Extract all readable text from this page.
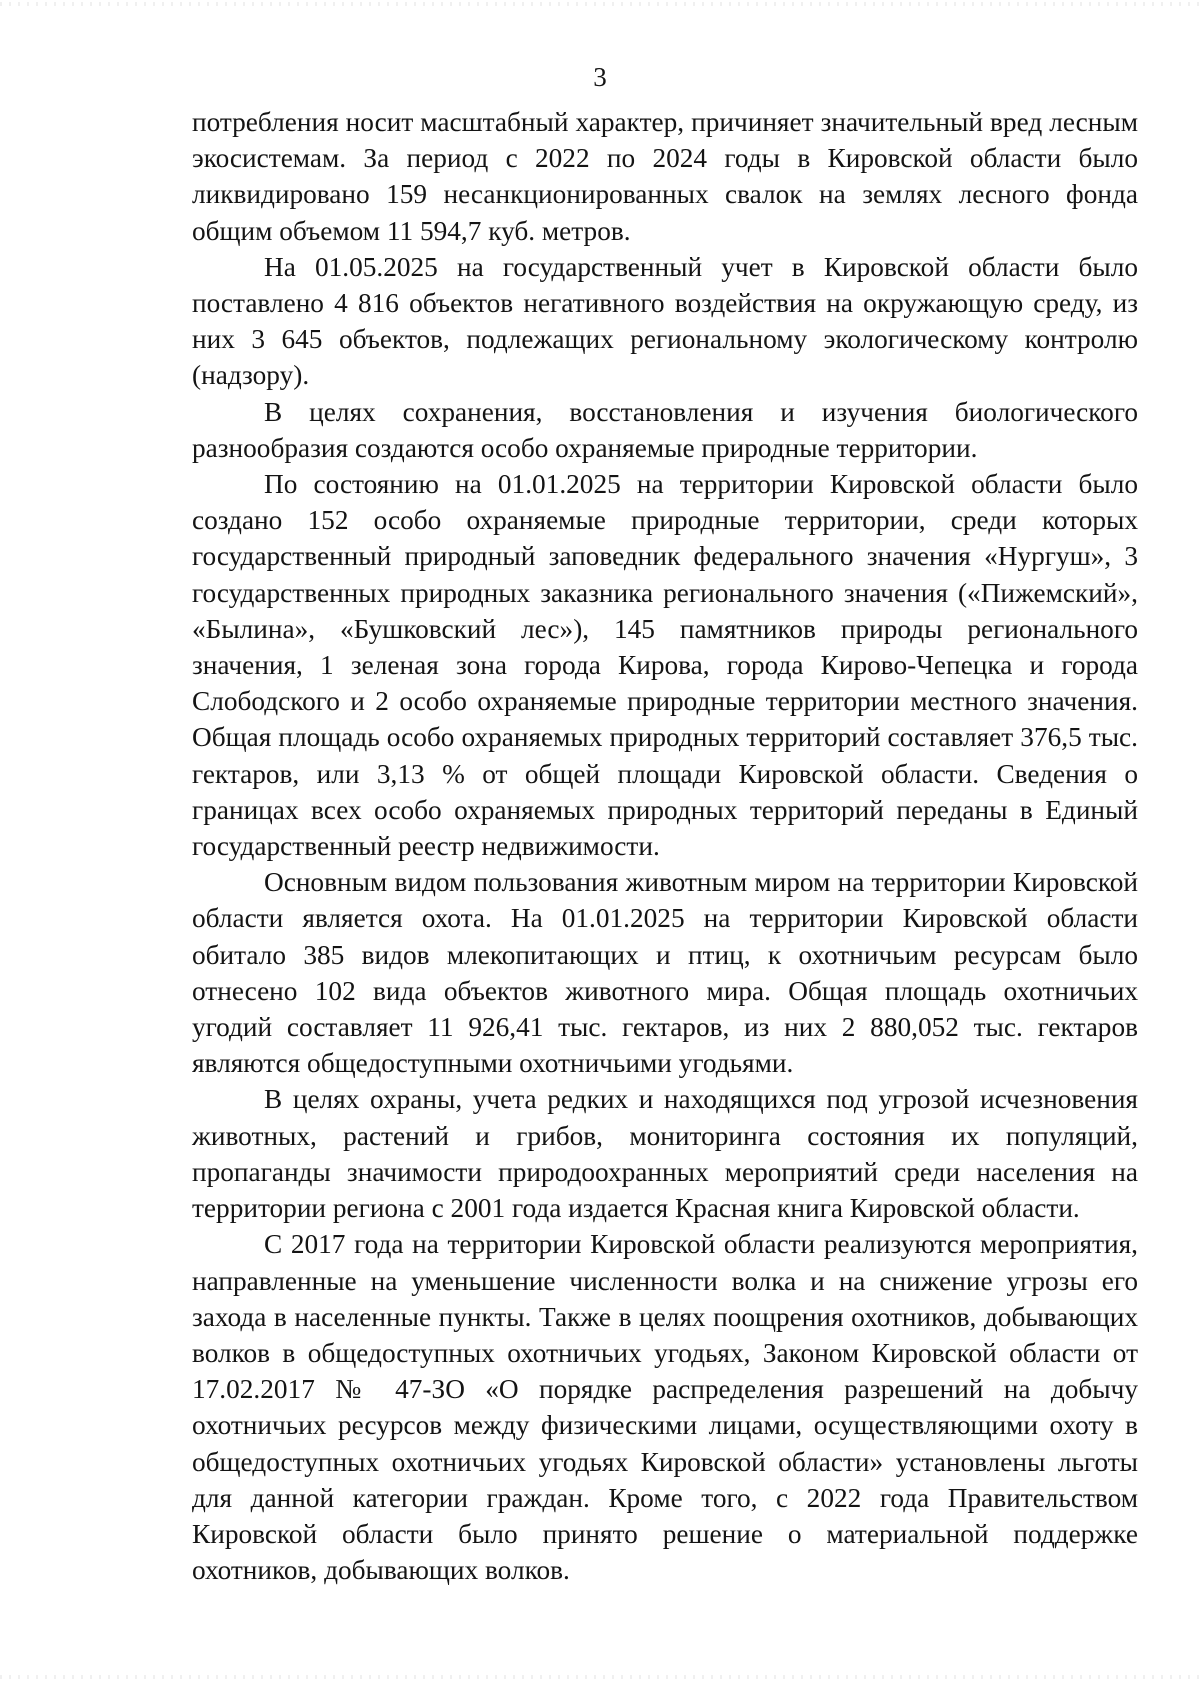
3

потребления носит масштабный характер, причиняет значительный вред лесным экосистемам. За период с 2022 по 2024 годы в Кировской области было ликвидировано 159 несанкционированных свалок на землях лесного фонда общим объемом 11 594,7 куб. метров.

На 01.05.2025 на государственный учет в Кировской области было поставлено 4 816 объектов негативного воздействия на окружающую среду, из них 3 645 объектов, подлежащих региональному экологическому контролю (надзору).

В целях сохранения, восстановления и изучения биологического разнообразия создаются особо охраняемые природные территории.

По состоянию на 01.01.2025 на территории Кировской области было создано 152 особо охраняемые природные территории, среди которых государственный природный заповедник федерального значения «Нургуш», 3 государственных природных заказника регионального значения («Пижемский», «Былина», «Бушковский лес»), 145 памятников природы регионального значения, 1 зеленая зона города Кирова, города Кирово-Чепецка и города Слободского и 2 особо охраняемые природные территории местного значения. Общая площадь особо охраняемых природных территорий составляет 376,5 тыс. гектаров, или 3,13 % от общей площади Кировской области. Сведения о границах всех особо охраняемых природных территорий переданы в Единый государственный реестр недвижимости.

Основным видом пользования животным миром на территории Кировской области является охота. На 01.01.2025 на территории Кировской области обитало 385 видов млекопитающих и птиц, к охотничьим ресурсам было отнесено 102 вида объектов животного мира. Общая площадь охотничьих угодий составляет 11 926,41 тыс. гектаров, из них 2 880,052 тыс. гектаров являются общедоступными охотничьими угодьями.

В целях охраны, учета редких и находящихся под угрозой исчезновения животных, растений и грибов, мониторинга состояния их популяций, пропаганды значимости природоохранных мероприятий среди населения на территории региона с 2001 года издается Красная книга Кировской области.

С 2017 года на территории Кировской области реализуются мероприятия, направленные на уменьшение численности волка и на снижение угрозы его захода в населенные пункты. Также в целях поощрения охотников, добывающих волков в общедоступных охотничьих угодьях, Законом Кировской области от 17.02.2017 № 47-ЗО «О порядке распределения разрешений на добычу охотничьих ресурсов между физическими лицами, осуществляющими охоту в общедоступных охотничьих угодьях Кировской области» установлены льготы для данной категории граждан. Кроме того, с 2022 года Правительством Кировской области было принято решение о материальной поддержке охотников, добывающих волков.
